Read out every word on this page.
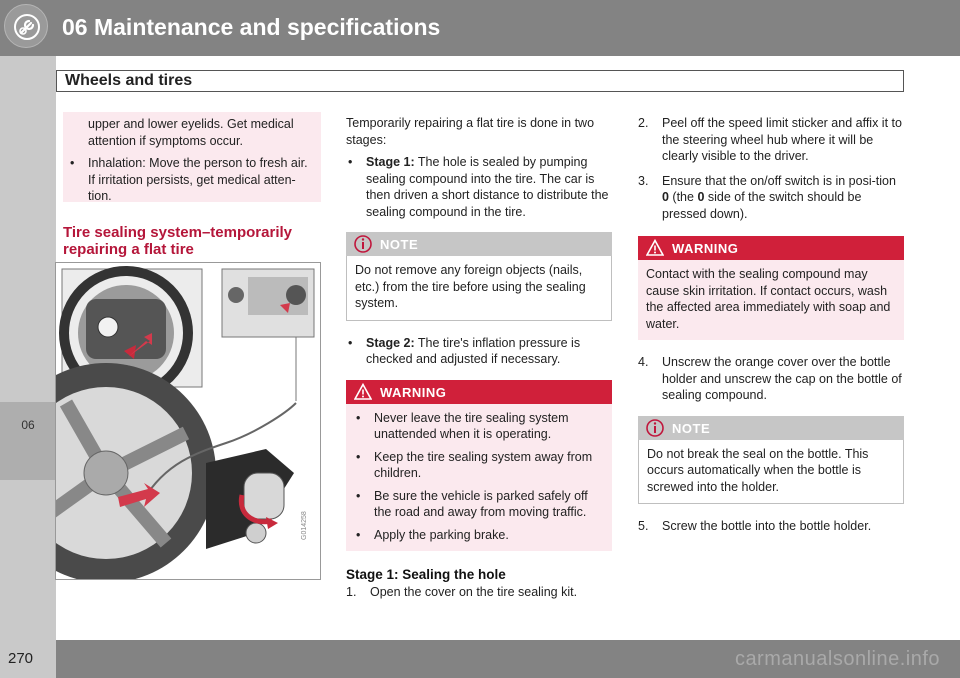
06 Maintenance and specifications
Wheels and tires
06
upper and lower eyelids. Get medical attention if symptoms occur.
• Inhalation: Move the person to fresh air. If irritation persists, get medical atten-tion.
Tire sealing system–temporarily repairing a flat tire
G014258
Temporarily repairing a flat tire is done in two stages:
• Stage 1: The hole is sealed by pumping sealing compound into the tire. The car is then driven a short distance to distribute the sealing compound in the tire.
NOTE
Do not remove any foreign objects (nails, etc.) from the tire before using the sealing system.
• Stage 2: The tire's inflation pressure is checked and adjusted if necessary.
WARNING
• Never leave the tire sealing system unattended when it is operating.
• Keep the tire sealing system away from children.
• Be sure the vehicle is parked safely off the road and away from moving traffic.
• Apply the parking brake.
Stage 1: Sealing the hole
1. Open the cover on the tire sealing kit.
2. Peel off the speed limit sticker and affix it to the steering wheel hub where it will be clearly visible to the driver.
3. Ensure that the on/off switch is in posi-tion 0 (the 0 side of the switch should be pressed down).
WARNING
Contact with the sealing compound may cause skin irritation. If contact occurs, wash the affected area immediately with soap and water.
4. Unscrew the orange cover over the bottle holder and unscrew the cap on the bottle of sealing compound.
NOTE
Do not break the seal on the bottle. This occurs automatically when the bottle is screwed into the holder.
5. Screw the bottle into the bottle holder.
270	carmanualsonline.info
